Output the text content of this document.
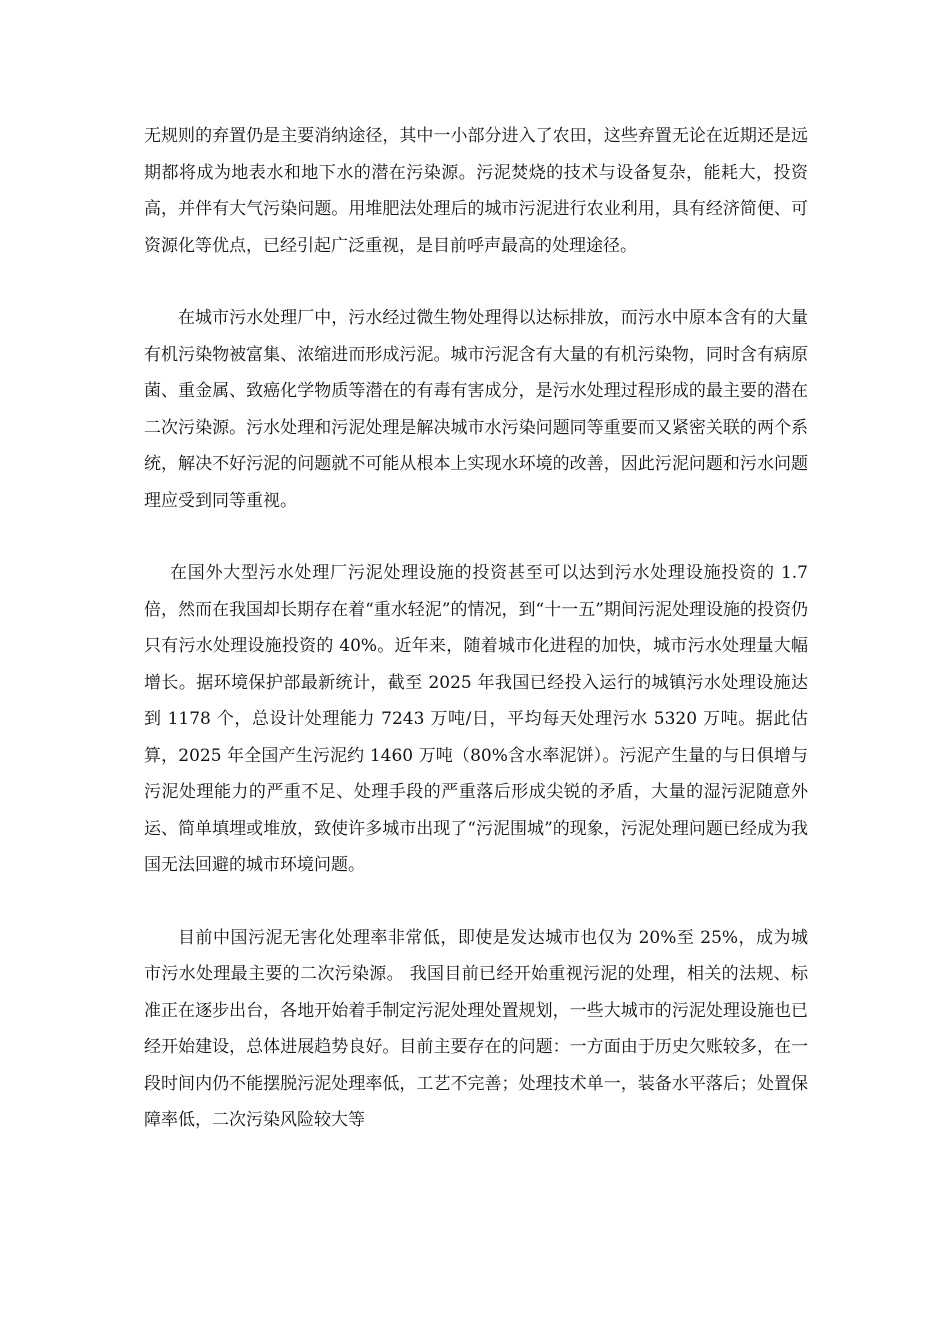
无规则的弃置仍是主要消纳途径，其中一小部分进入了农田，这些弃置无论在近期还是远期都将成为地表水和地下水的潜在污染源。污泥焚烧的技术与设备复杂，能耗大，投资高，并伴有大气污染问题。用堆肥法处理后的城市污泥进行农业利用，具有经济简便、可资源化等优点，已经引起广泛重视，是目前呼声最高的处理途径。

在城市污水处理厂中，污水经过微生物处理得以达标排放，而污水中原本含有的大量有机污染物被富集、浓缩进而形成污泥。城市污泥含有大量的有机污染物，同时含有病原菌、重金属、致癌化学物质等潜在的有毒有害成分，是污水处理过程形成的最主要的潜在二次污染源。污水处理和污泥处理是解决城市水污染问题同等重要而又紧密关联的两个系统，解决不好污泥的问题就不可能从根本上实现水环境的改善，因此污泥问题和污水问题理应受到同等重视。

在国外大型污水处理厂污泥处理设施的投资甚至可以达到污水处理设施投资的 1.7 倍，然而在我国却长期存在着“重水轻泥”的情况，到“十一五”期间污泥处理设施的投资仍只有污水处理设施投资的 40%。近年来，随着城市化进程的加快，城市污水处理量大幅增长。据环境保护部最新统计，截至 2025 年我国已经投入运行的城镇污水处理设施达到 1178 个，总设计处理能力 7243 万吨/日，平均每天处理污水 5320 万吨。据此估算，2025 年全国产生污泥约 1460 万吨（80%含水率泥饼）。污泥产生量的与日俱增与污泥处理能力的严重不足、处理手段的严重落后形成尖锐的矛盾，大量的湿污泥随意外运、简单填埋或堆放，致使许多城市出现了“污泥围城”的现象，污泥处理问题已经成为我国无法回避的城市环境问题。

目前中国污泥无害化处理率非常低，即使是发达城市也仅为 20%至 25%，成为城市污水处理最主要的二次污染源。 我国目前已经开始重视污泥的处理，相关的法规、标准正在逐步出台，各地开始着手制定污泥处理处置规划，一些大城市的污泥处理设施也已经开始建设，总体进展趋势良好。目前主要存在的问题：一方面由于历史欠账较多，在一段时间内仍不能摆脱污泥处理率低，工艺不完善；处理技术单一，装备水平落后；处置保障率低，二次污染风险较大等
